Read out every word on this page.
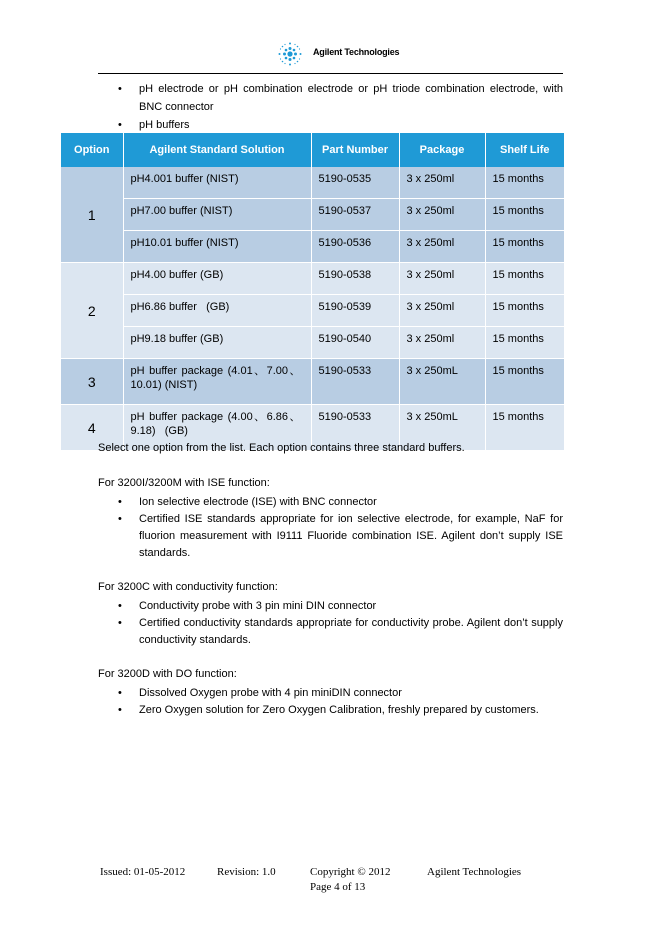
Agilent Technologies
• pH electrode or pH combination electrode or pH triode combination electrode, with BNC connector
• pH buffers
Option	Agilent Standard Solution	Part Number	Package	Shelf Life
1	pH4.001 buffer (NIST)	5190-0535	3 x 250ml	15 months
	pH7.00 buffer (NIST)	5190-0537	3 x 250ml	15 months
	pH10.01 buffer (NIST)	5190-0536	3 x 250ml	15 months
2	pH4.00 buffer (GB)	5190-0538	3 x 250ml	15 months
	pH6.86 buffer   (GB)	5190-0539	3 x 250ml	15 months
	pH9.18 buffer (GB)	5190-0540	3 x 250ml	15 months
3	pH buffer package (4.01、7.00、10.01) (NIST)	5190-0533	3 x 250mL	15 months
4	pH buffer package (4.00、6.86、9.18)   (GB)	5190-0533	3 x 250mL	15 months

Select one option from the list. Each option contains three standard buffers.

For 3200I/3200M with ISE function:

• Ion selective electrode (ISE) with BNC connector
• Certified ISE standards appropriate for ion selective electrode, for example, NaF for fluorion measurement with I9111 Fluoride combination ISE. Agilent don’t supply ISE standards.

For 3200C with conductivity function:

• Conductivity probe with 3 pin mini DIN connector
• Certified conductivity standards appropriate for conductivity probe. Agilent don’t supply conductivity standards.

For 3200D with DO function:

• Dissolved Oxygen probe with 4 pin miniDIN connector
• Zero Oxygen solution for Zero Oxygen Calibration, freshly prepared by customers.
Issued: 01-05-2012	Revision: 1.0	Copyright © 2012	Agilent Technologies
Page 4 of 13
